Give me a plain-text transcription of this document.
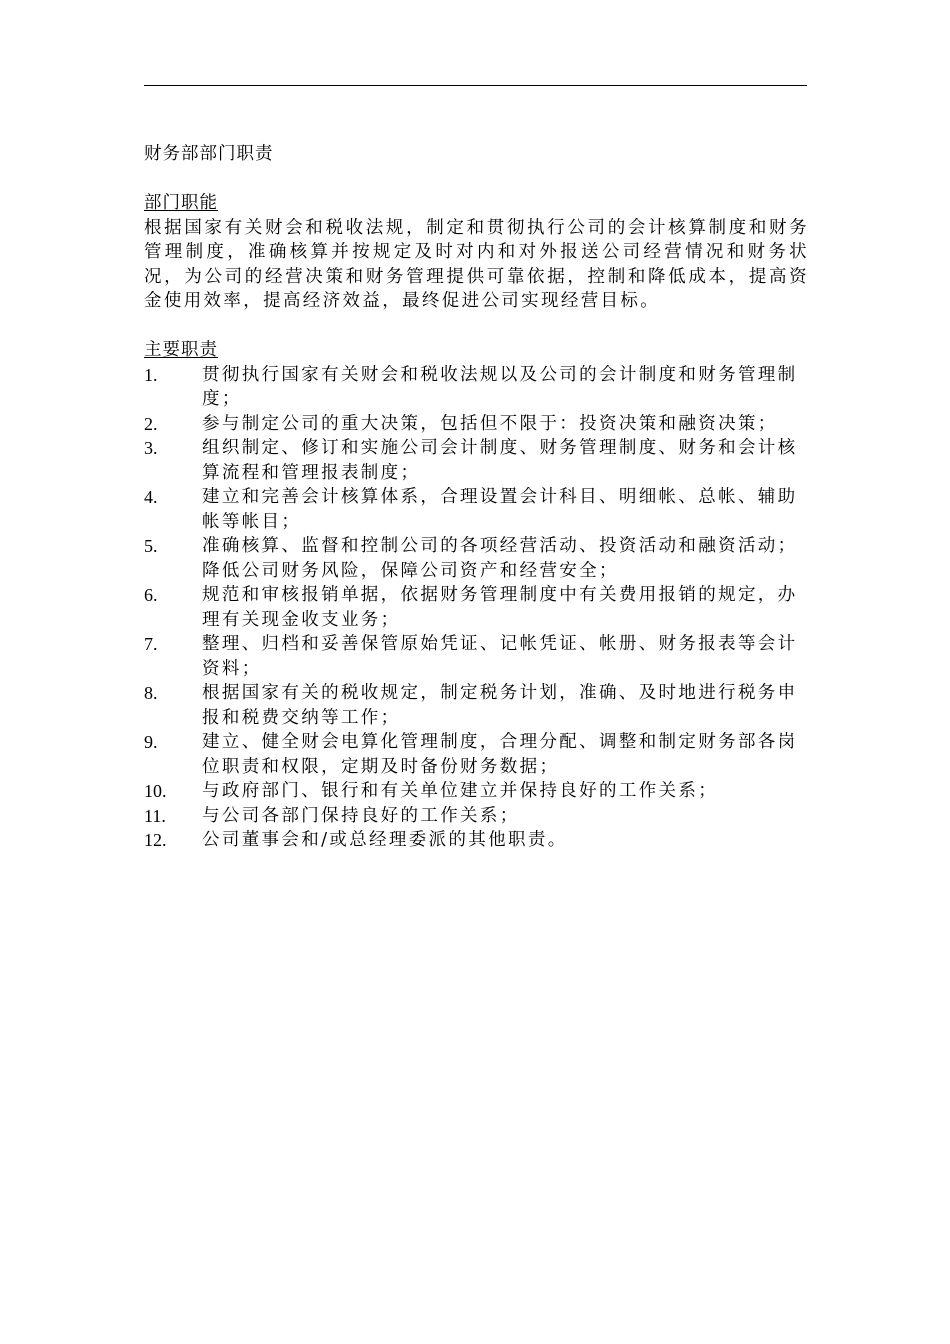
财务部部门职责
部门职能
根据国家有关财会和税收法规，制定和贯彻执行公司的会计核算制度和财务管理制度，准确核算并按规定及时对内和对外报送公司经营情况和财务状况，为公司的经营决策和财务管理提供可靠依据，控制和降低成本，提高资金使用效率，提高经济效益，最终促进公司实现经营目标。
主要职责
1.	贯彻执行国家有关财会和税收法规以及公司的会计制度和财务管理制度；
2.	参与制定公司的重大决策，包括但不限于：投资决策和融资决策；
3.	组织制定、修订和实施公司会计制度、财务管理制度、财务和会计核算流程和管理报表制度；
4.	建立和完善会计核算体系，合理设置会计科目、明细帐、总帐、辅助帐等帐目；
5.	准确核算、监督和控制公司的各项经营活动、投资活动和融资活动；降低公司财务风险，保障公司资产和经营安全；
6.	规范和审核报销单据，依据财务管理制度中有关费用报销的规定，办理有关现金收支业务；
7.	整理、归档和妥善保管原始凭证、记帐凭证、帐册、财务报表等会计资料；
8.	根据国家有关的税收规定，制定税务计划，准确、及时地进行税务申报和税费交纳等工作；
9.	建立、健全财会电算化管理制度，合理分配、调整和制定财务部各岗位职责和权限，定期及时备份财务数据；
10. 与政府部门、银行和有关单位建立并保持良好的工作关系；
11. 与公司各部门保持良好的工作关系；
12. 公司董事会和/或总经理委派的其他职责。
